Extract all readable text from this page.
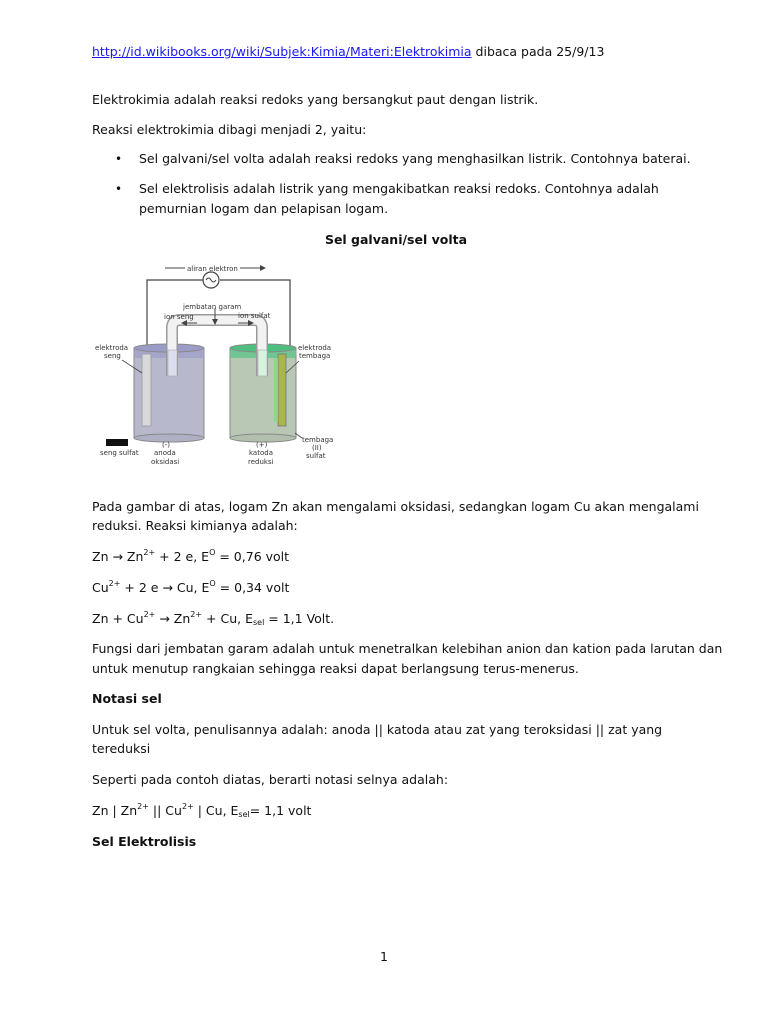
http://id.wikibooks.org/wiki/Subjek:Kimia/Materi:Elektrokimia dibaca pada 25/9/13
Elektrokimia adalah reaksi redoks yang bersangkut paut dengan listrik.
Reaksi elektrokimia dibagi menjadi 2, yaitu:
• Sel galvani/sel volta adalah reaksi redoks yang menghasilkan listrik. Contohnya baterai.
• Sel elektrolisis adalah listrik yang mengakibatkan reaksi redoks. Contohnya adalah
pemurnian logam dan pelapisan logam.
Sel galvani/sel volta
aliran elektron
jembatan garam
ion seng	ion sulfat
elektroda
seng
elektroda
tembaga
(-)
anoda
oksidasi
(+)
katoda
reduksi
seng sulfat
tembaga
(II)
sulfat
Pada gambar di atas, logam Zn akan mengalami oksidasi, sedangkan logam Cu akan mengalami
reduksi. Reaksi kimianya adalah:
$Zn \to Zn^{2+} + 2$ e, $E^O = 0,76$ volt
$Cu^{2+} + 2$ e → Cu, $E^O = 0,34$ volt
$Zn + Cu^{2+} \to Zn^{2+} + Cu$, $E_{sel} = 1,1$ Volt.
Fungsi dari jembatan garam adalah untuk menetralkan kelebihan anion dan kation pada larutan dan
untuk menutup rangkaian sehingga reaksi dapat berlangsung terus-menerus.
Notasi sel
Untuk sel volta, penulisannya adalah: anoda || katoda atau zat yang teroksidasi || zat yang
tereduksi
Seperti pada contoh diatas, berarti notasi selnya adalah:
Zn | $Zn^{2+}$ || $Cu^{2+}$ | Cu, $E_{sel}= 1,1$ volt
Sel Elektrolisis
1
